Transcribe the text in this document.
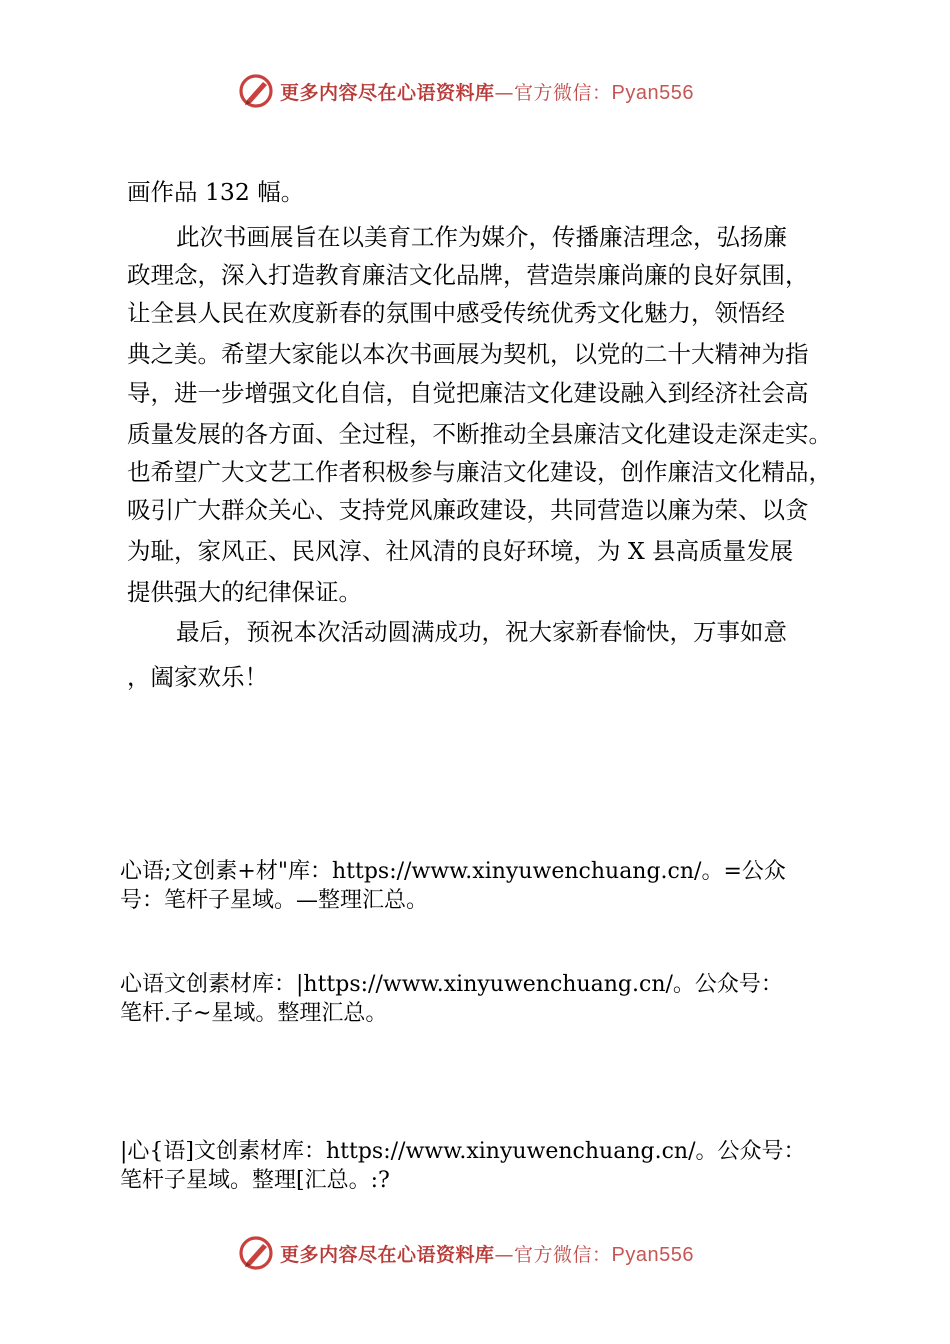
更多内容尽在心语资料库—官方微信：Pyan556
画作品 132 幅。
此次书画展旨在以美育工作为媒介，传播廉洁理念，弘扬廉
政理念，深入打造教育廉洁文化品牌，营造崇廉尚廉的良好氛围，
让全县人民在欢度新春的氛围中感受传统优秀文化魅力，领悟经
典之美。希望大家能以本次书画展为契机，以党的二十大精神为指
导，进一步增强文化自信，自觉把廉洁文化建设融入到经济社会高
质量发展的各方面、全过程，不断推动全县廉洁文化建设走深走实。
也希望广大文艺工作者积极参与廉洁文化建设，创作廉洁文化精品，
吸引广大群众关心、支持党风廉政建设，共同营造以廉为荣、以贪
为耻，家风正、民风淳、社风清的良好环境，为 X 县高质量发展
提供强大的纪律保证。
最后，预祝本次活动圆满成功，祝大家新春愉快，万事如意
，阖家欢乐！
心语;文创素+材"库：https://www.xinyuwenchuang.cn/。=公众
号：笔杆子星域。—整理汇总。
心语文创素材库：|https://www.xinyuwenchuang.cn/。公众号：
笔杆.子~星域。整理汇总。
|心{语]文创素材库：https://www.xinyuwenchuang.cn/。公众号：
笔杆子星域。整理[汇总。:?
更多内容尽在心语资料库—官方微信：Pyan556
